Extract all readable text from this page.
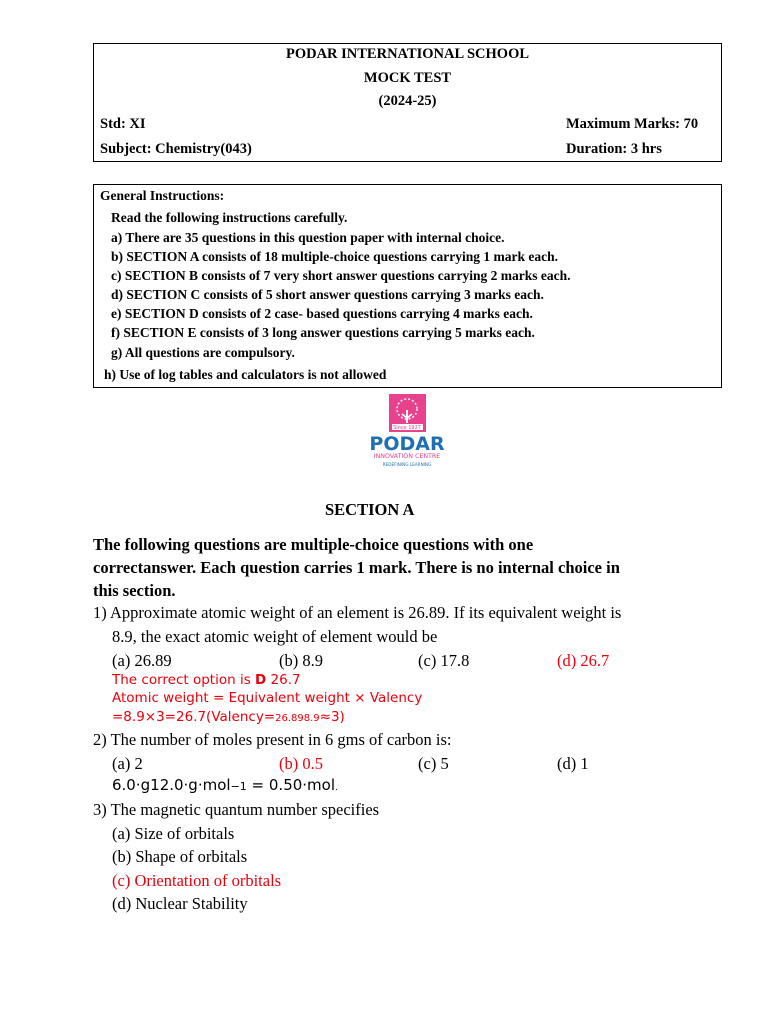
PODAR INTERNATIONAL SCHOOL
MOCK TEST
(2024-25)
Std: XI	Maximum Marks: 70
Subject: Chemistry(043)	Duration: 3 hrs
General Instructions:
Read the following instructions carefully.
a) There are 35 questions in this question paper with internal choice.
b) SECTION A consists of 18 multiple-choice questions carrying 1 mark each.
c) SECTION B consists of 7 very short answer questions carrying 2 marks each.
d) SECTION C consists of 5 short answer questions carrying 3 marks each.
e) SECTION D consists of 2 case- based questions carrying 4 marks each.
f) SECTION E consists of 3 long answer questions carrying 5 marks each.
g) All questions are compulsory.
h) Use of log tables and calculators is not allowed
Since 1927
PODAR
INNOVATION CENTRE
REDEFINING LEARNING
SECTION A
The following questions are multiple-choice questions with one
correctanswer. Each question carries 1 mark. There is no internal choice in
this section.
1) Approximate atomic weight of an element is 26.89. If its equivalent weight is
8.9, the exact atomic weight of element would be
(a) 26.89	(b) 8.9	(c) 17.8	(d) 26.7
The correct option is D 26.7
Atomic weight = Equivalent weight × Valency
=8.9×3=26.7(Valency=26.898.9≈3)
2) The number of moles present in 6 gms of carbon is:
(a) 2	(b) 0.5	(c) 5	(d) 1
6.0·g12.0·g·mol−1 = 0.50·mol.
3) The magnetic quantum number specifies
(a) Size of orbitals
(b) Shape of orbitals
(c) Orientation of orbitals
(d) Nuclear Stability
